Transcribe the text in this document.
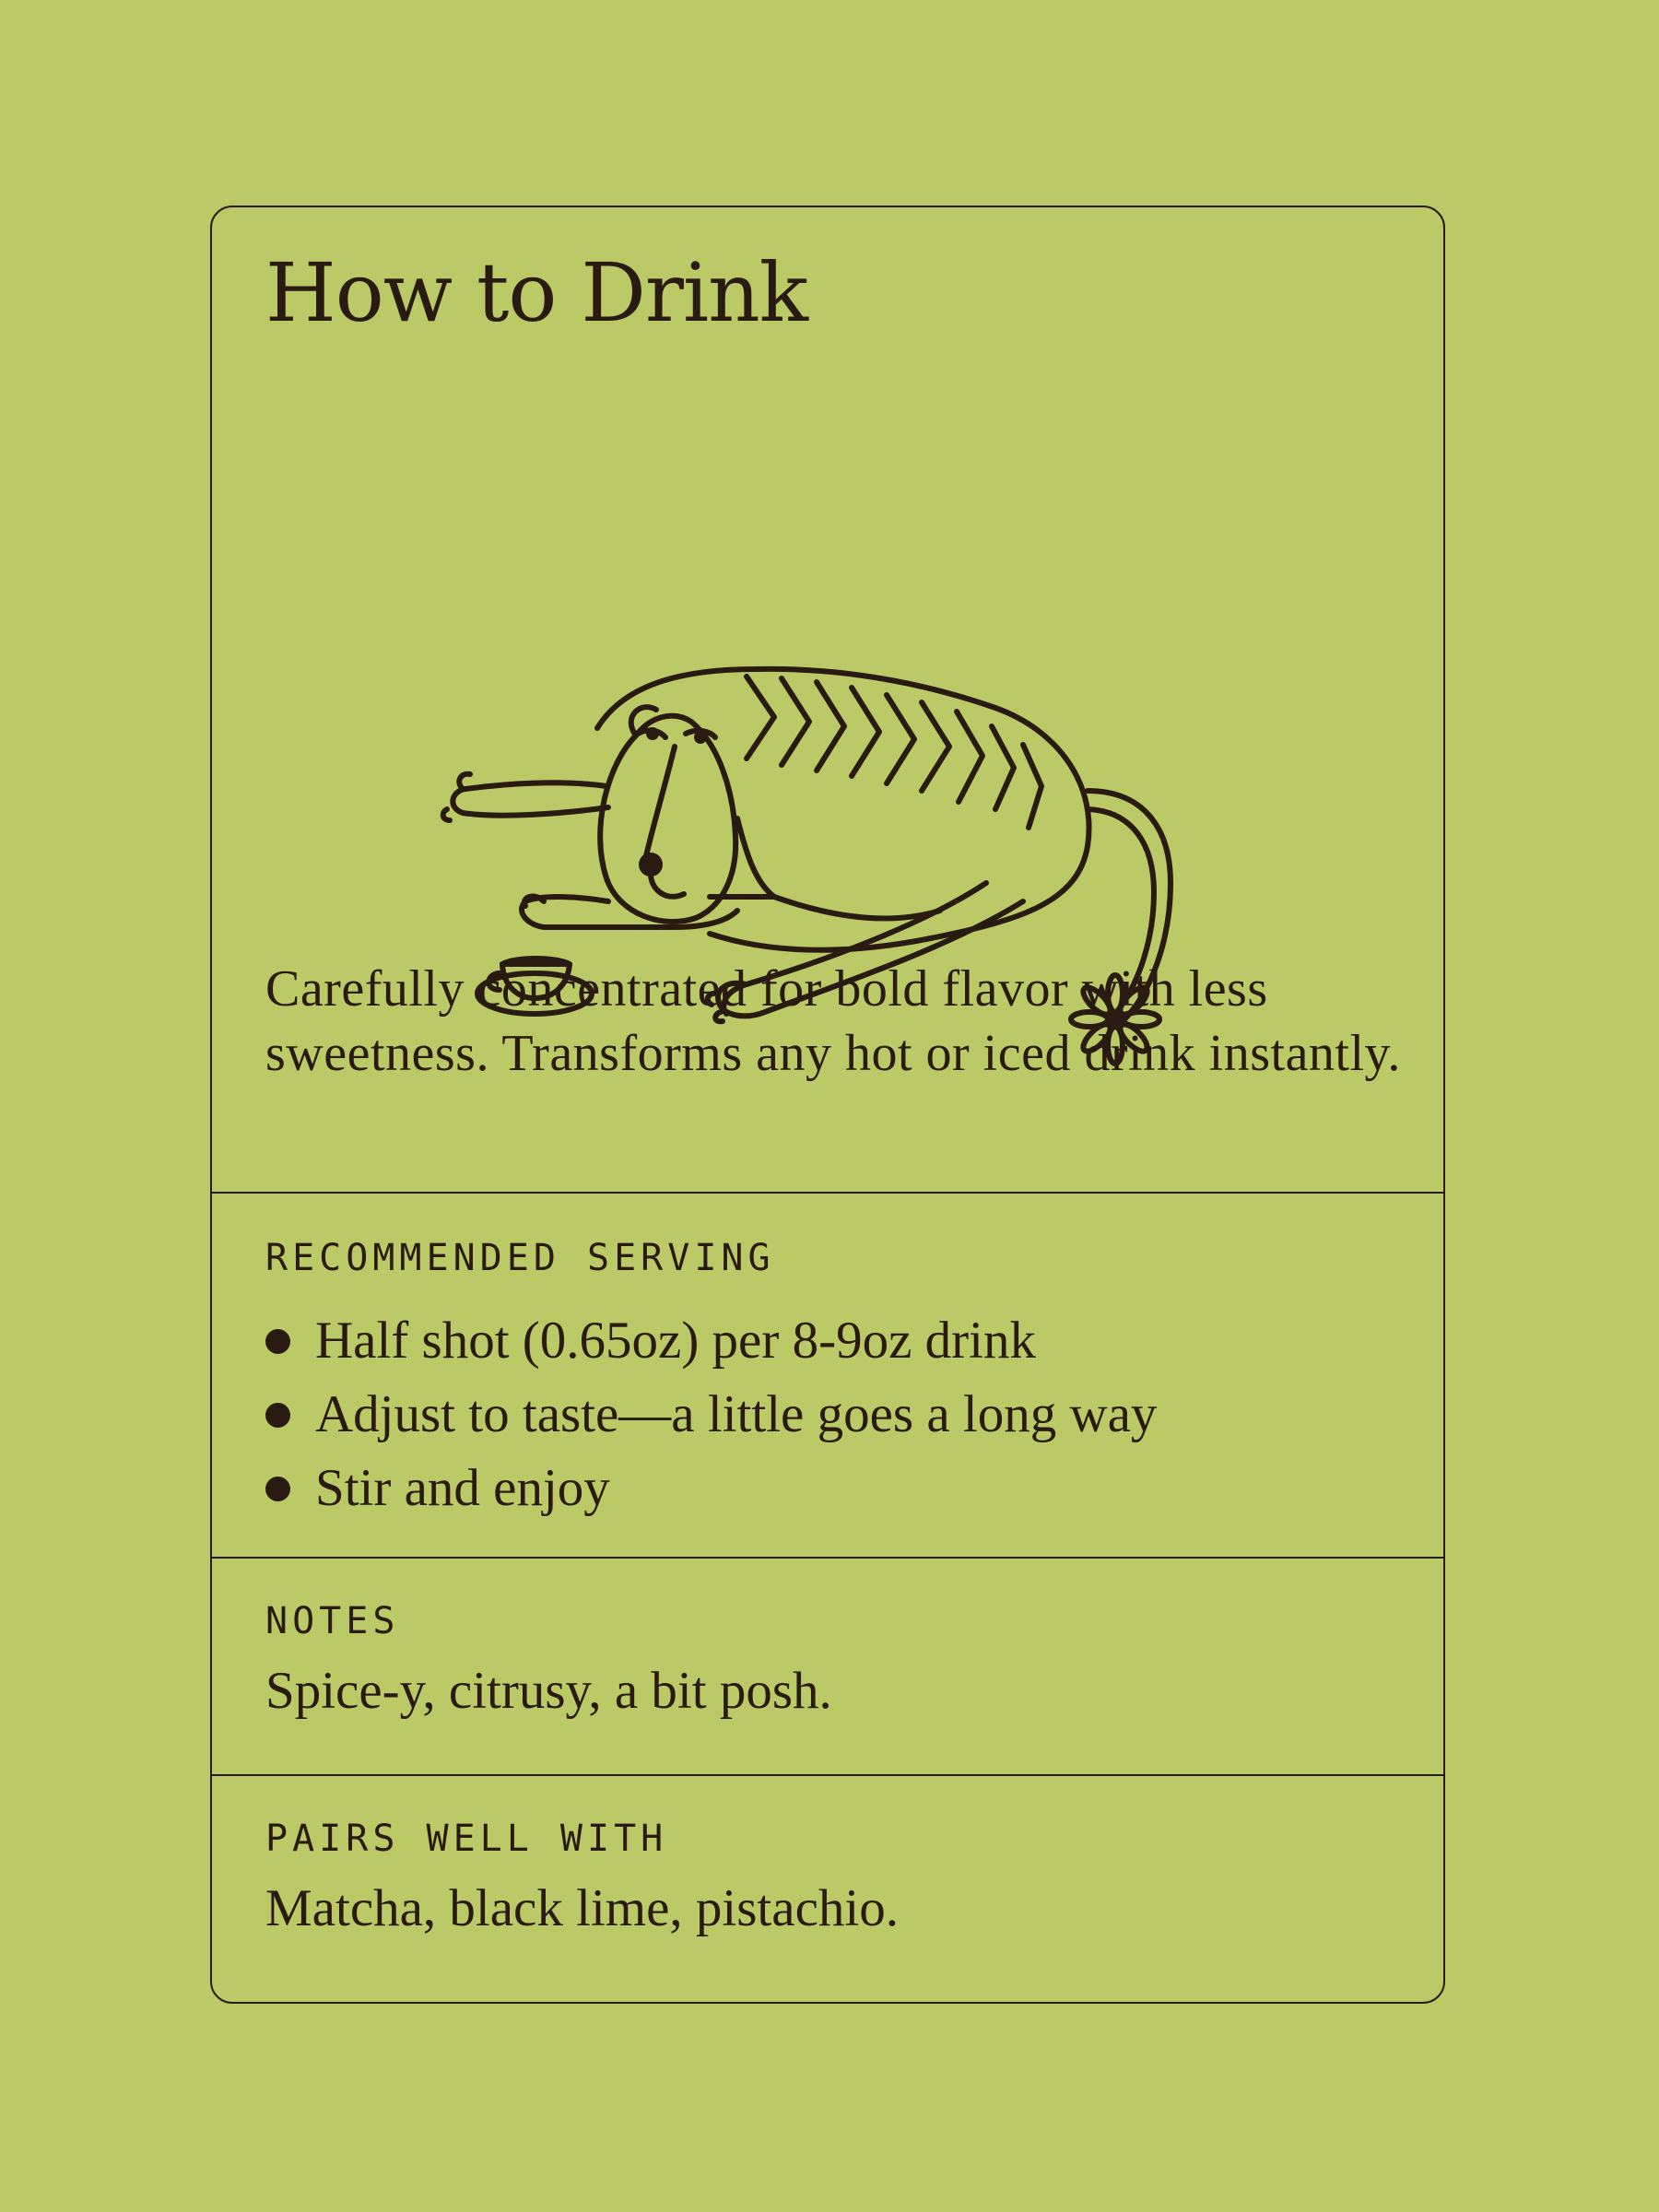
How to Drink

Carefully concentrated for bold flavor with less sweetness. Transforms any hot or iced drink instantly.

RECOMMENDED SERVING

Half shot (0.65oz) per 8-9oz drink
Adjust to taste—a little goes a long way
Stir and enjoy

NOTES

Spice-y, citrusy, a bit posh.

PAIRS WELL WITH

Matcha, black lime, pistachio.
